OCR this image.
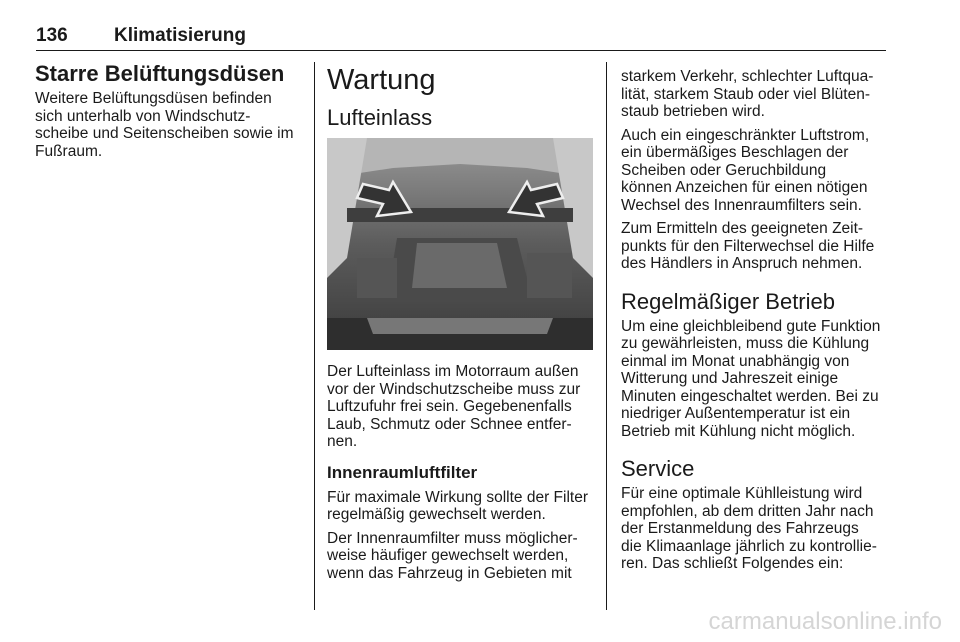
136 Klimatisierung
Starre Belüftungsdüsen

Weitere Belüftungsdüsen befinden

sich unterhalb von Windschutz-

scheibe und Seitenscheiben sowie im

Fußraum.

Wartung
Lufteinlass

Der Lufteinlass im Motorraum außen

vor der Windschutzscheibe muss zur

Luftzufuhr frei sein. Gegebenenfalls

Laub, Schmutz oder Schnee entfer-

nen.

Innenraumluftfilter

Für maximale Wirkung sollte der Filter

regelmäßig gewechselt werden.

Der Innenraumfilter muss möglicher-

weise häufiger gewechselt werden,

wenn das Fahrzeug in Gebieten mit

starkem Verkehr, schlechter Luftqua-

lität, starkem Staub oder viel Blüten-

staub betrieben wird.

Auch ein eingeschränkter Luftstrom,

ein übermäßiges Beschlagen der

Scheiben oder Geruchbildung

können Anzeichen für einen nötigen

Wechsel des Innenraumfilters sein.

Zum Ermitteln des geeigneten Zeit-

punkts für den Filterwechsel die Hilfe

des Händlers in Anspruch nehmen.

Regelmäßiger Betrieb

Um eine gleichbleibend gute Funktion

zu gewährleisten, muss die Kühlung

einmal im Monat unabhängig von

Witterung und Jahreszeit einige

Minuten eingeschaltet werden. Bei zu

niedriger Außentemperatur ist ein

Betrieb mit Kühlung nicht möglich.

Service

Für eine optimale Kühlleistung wird

empfohlen, ab dem dritten Jahr nach

der Erstanmeldung des Fahrzeugs

die Klimaanlage jährlich zu kontrollie-

ren. Das schließt Folgendes ein:

carmanualsonline.info
